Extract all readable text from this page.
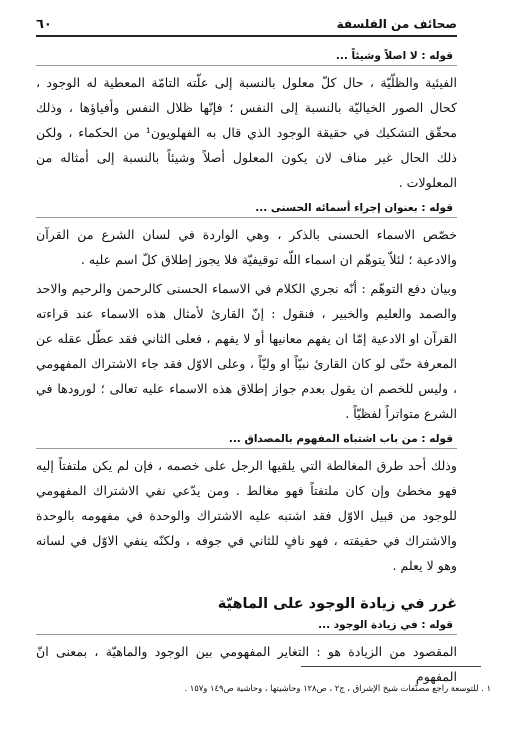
صحائف من الفلسفة
٦٠
قوله : لا اصلاً وشيئاً ...

الفيئية والظلّيّة ، حال كلّ معلول بالنسبة إلى علّته التامّة المعطية له الوجود ، كحال الصور الخياليّة بالنسبة إلى النفس ؛ فإنّها ظلال النفس وأفياؤها ، وذلك محقّق التشكيك في حقيقة الوجود الذي قال به الفهلويون¹ من الحكماء ، ولكن ذلك الحال غير مناف لان يكون المعلول أصلاً وشيئاً بالنسبة إلى أمثاله من المعلولات .

قوله : بعنوان إجراء أسمائه الحسنى ...

خصّص الاسماء الحسنى بالذكر ، وهي الواردة في لسان الشرع من القرآن والادعية ؛ لئلاّ يتوهّم ان اسماء اللّه توقيفيّة فلا يجوز إطلاق كلّ اسم عليه .

وبيان دفع التوهّم : أنّه نجري الكلام في الاسماء الحسنى كالرحمن والرحيم والاحد والصمد والعليم والخبير ، فنقول : إنّ القارئ لأمثال هذه الاسماء عند قراءته القرآن او الادعية إمّا ان يفهم معانيها أو لا يفهم ، فعلى الثاني فقد عطّل عقله عن المعرفة حتّى لو كان القارئ نبيّاً او وليّاً ، وعلى الاوّل فقد جاء الاشتراك المفهومي ، وليس للخصم ان يقول بعدم جواز إطلاق هذه الاسماء عليه تعالى ؛ لورودها في الشرع متواتراً لفظيّاً .

قوله : من باب اشتباه المفهوم بالمصداق ...

وذلك أحد طرق المغالطة التي يلقيها الرجل على خصمه ، فإن لم يكن ملتفتاً إليه فهو مخطئ وإن كان ملتفتاً فهو مغالط . ومن يدّعي نفي الاشتراك المفهومي للوجود من قبيل الاوّل فقد اشتبه عليه الاشتراك والوحدة في مفهومه بالوحدة والاشتراك في حقيقته ، فهو نافٍ للثاني في جوفه ، ولكنّه ينفي الاوّل في لسانه وهو لا يعلم .

غرر في زيادة الوجود على الماهيّة
قوله : في زيادة الوجود ...

المقصود من الزيادة هو : التغاير المفهومي بين الوجود والماهيّة ، بمعنى انّ المفهوم

١ . للتوسعة راجع مصنّفات شيخ الإشراق ، ج٢ ، ص١٢٨ وحاشيتها ، وحاشية ص١٤٩ و١٥٧ .
